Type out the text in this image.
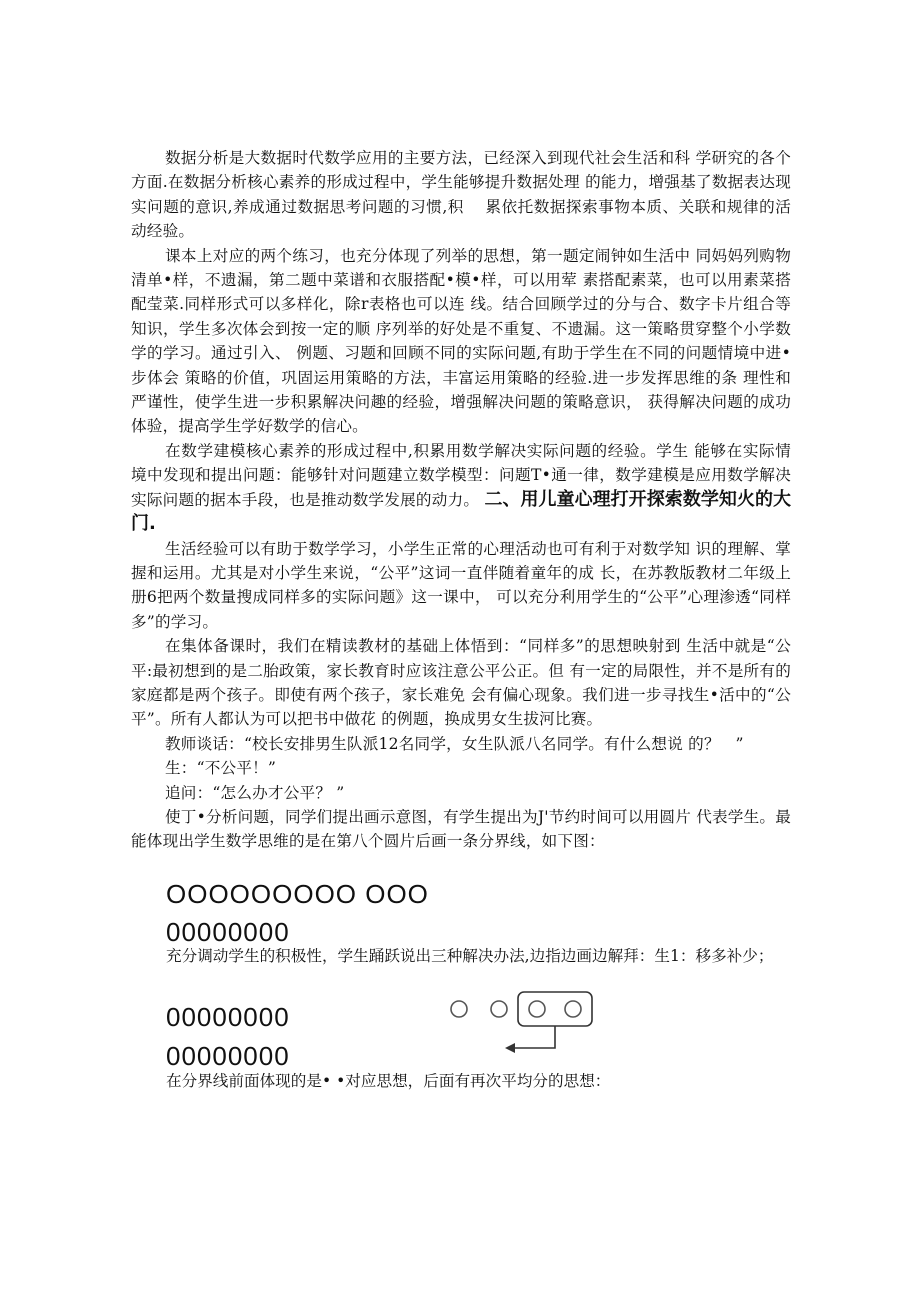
数据分析是大数据时代数学应用的主要方法，已经深入到现代社会生活和科 学研究的各个方面.在数据分析核心素养的形成过程中，学生能够提升数据处理 的能力，增强基了数据表达现实问题的意识,养成通过数据思考问题的习惯,积　 累依托数据探索事物本质、关联和规律的活动经验。

课本上对应的两个练习，也充分体现了列举的思想，第一题定闹钟如生活中 同妈妈列购物清单•样，不遗漏，第二题中菜谱和衣服搭配•模•样，可以用荤 素搭配素菜，也可以用素菜搭配莹菜.同样形式可以多样化，除r表格也可以连 线。结合回顾学过的分与合、数字卡片组合等知识，学生多次体会到按一定的顺 序列举的好处是不重复、不遗漏。这一策略贯穿整个小学数学的学习。通过引入、 例题、习题和回顾不同的实际问题,有助于学生在不同的问题情境中进•步体会 策略的价值，巩固运用策略的方法，丰富运用策略的经验.进一步发挥思维的条 理性和严谨性，使学生进一步积累解决问趣的经验，增强解决问题的策略意识， 获得解决问题的成功体验，提高学生学好数学的信心。

在数学建模核心素养的形成过程中,积累用数学解决实际问题的经验。学生 能够在实际情境中发现和提出问题：能够针对问题建立数学模型：问题T•通一律，数学建模是应用数学解决实际问题的据本手段，也是推动数学发展的动力。 二、用儿童心理打开探索数学知火的大门.

生活经验可以有助于数学学习，小学生正常的心理活动也可有利于对数学知 识的理解、掌握和运用。尤其是对小学生来说，“公平”这词一直伴随着童年的成 长，在苏教版教材二年级上册6把两个数量搜成同样多的实际问题》这一课中， 可以充分利用学生的“公平”心理渗透“同样多”的学习。

在集体备课时，我们在精读教材的基础上体悟到：“同样多”的思想映射到 生活中就是“公平:最初想到的是二胎政策，家长教育时应该注意公平公正。但 有一定的局限性，并不是所有的家庭都是两个孩子。即使有两个孩子，家长难免 会有偏心现象。我们进一步寻找生•活中的“公平”。所有人都认为可以把书中做花 的例题，换成男女生拔河比赛。

教师谈话：“校长安排男生队派12名同学，女生队派八名同学。有什么想说 的？　”

生：“不公平！”

追问：“怎么办才公平？ ”

使丁•分析问题，同学们提出画示意图，有学生提出为J'节约时间可以用圆片 代表学生。最能体现出学生数学思维的是在第八个圆片后画一条分界线，如下图：

OOOOOOOOO OOO

00000000

充分调动学生的积极性，学生踊跃说出三种解决办法,边指边画边解拜：生1：移多补少；

00000000

00000000

在分界线前面体现的是• •对应思想，后面有再次平均分的思想：
